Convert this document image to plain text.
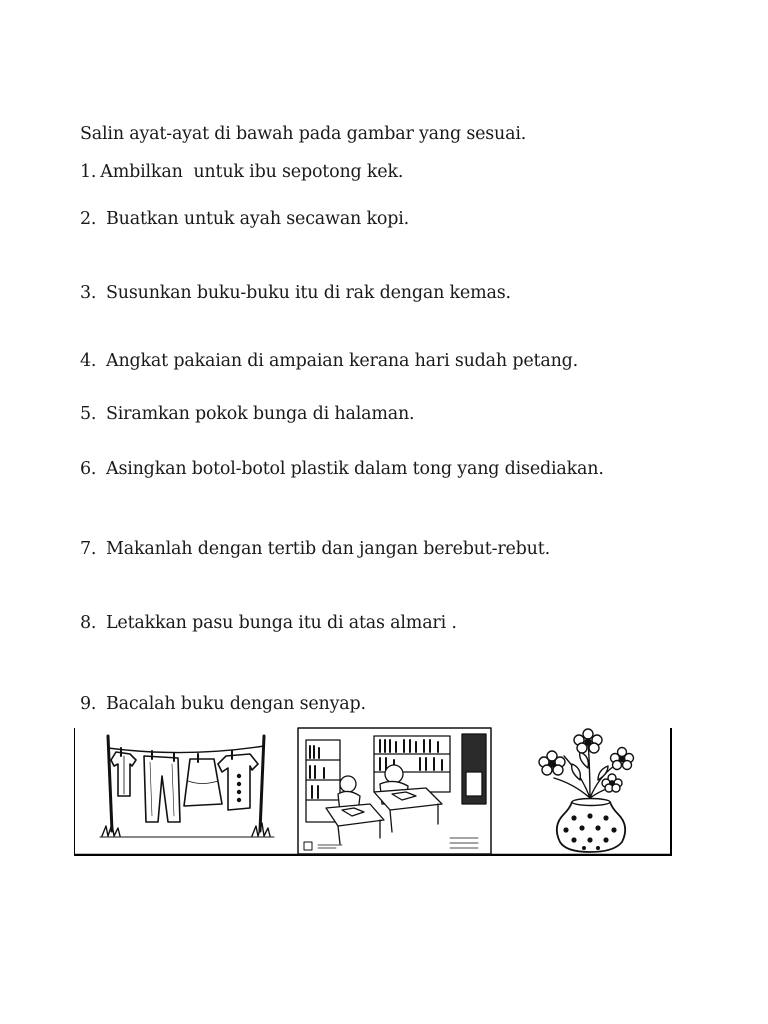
Salin ayat-ayat di bawah pada gambar yang sesuai.
1. Ambilkan  untuk ibu sepotong kek.
2. Buatkan untuk ayah secawan kopi.
3. Susunkan buku-buku itu di rak dengan kemas.
4. Angkat pakaian di ampaian kerana hari sudah petang.
5. Siramkan pokok bunga di halaman.
6. Asingkan botol-botol plastik dalam tong yang disediakan.
7. Makanlah dengan tertib dan jangan berebut-rebut.
8. Letakkan pasu bunga itu di atas almari .
9. Bacalah buku dengan senyap.
